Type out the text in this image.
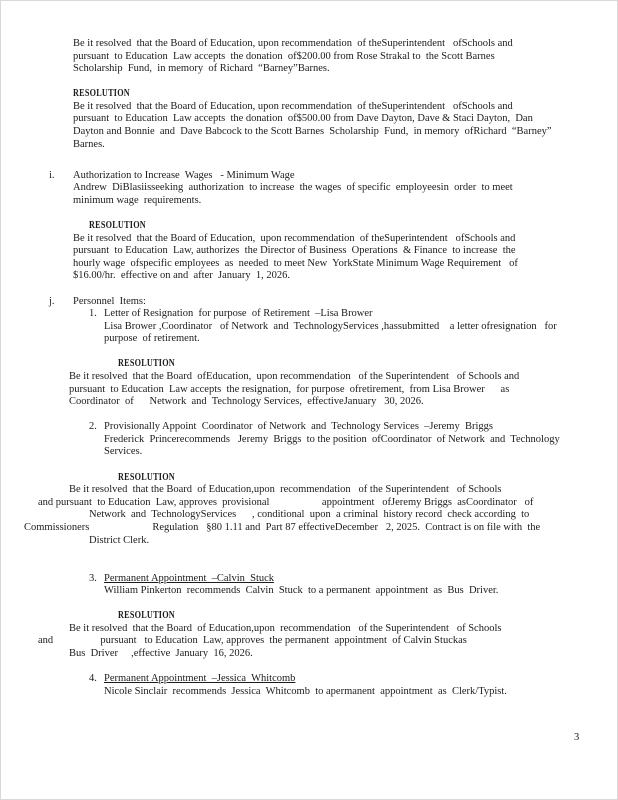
Be it resolved  that the Board of Education, upon recommendation  of theSuperintendent   ofSchools and
pursuant  to Education  Law accepts  the donation  of$200.00 from Rose Strakal to  the Scott Barnes
Scholarship  Fund,  in memory  of Richard  “Barney”Barnes.
RESOLUTION
Be it resolved  that the Board of Education, upon recommendation  of theSuperintendent   ofSchools and
pursuant  to Education  Law accepts  the donation  of$500.00 from Dave Dayton, Dave & Staci Dayton,  Dan
Dayton and Bonnie  and  Dave Babcock to the Scott Barnes  Scholarship  Fund,  in memory  ofRichard  “Barney”
Barnes.
i.	Authorization to Increase  Wages   - Minimum Wage
Andrew  DiBlasiisseeking  authorization  to increase  the wages  of specific  employeesin  order  to meet
minimum wage  requirements.
RESOLUTION
Be it resolved  that the Board of Education,  upon recommendation  of theSuperintendent   ofSchools and
pursuant  to Education  Law, authorizes  the Director of Business  Operations  & Finance  to increase  the
hourly wage  ofspecific employees  as  needed  to meet New  YorkState Minimum Wage Requirement   of
$16.00/hr.  effective on and  after  January  1, 2026.
j.	Personnel  Items:
1. Letter of Resignation  for purpose  of Retirement  –Lisa Brower
Lisa Brower ,Coordinator   of Network  and  TechnologyServices ,hassubmitted    a letter ofresignation   for
purpose  of retirement.
RESOLUTION
Be it resolved  that the Board  ofEducation,  upon recommendation   of the Superintendent   of Schools and
pursuant  to Education  Law accepts  the resignation,  for purpose  ofretirement,  from Lisa Brower      as
Coordinator  of      Network  and  Technology Services,  effectiveJanuary   30, 2026.
2. Provisionally Appoint  Coordinator  of Network  and  Technology Services  –Jeremy  Briggs
Frederick  Princerecommends   Jeremy  Briggs  to the position  ofCoordinator  of Network  and  Technology
Services.
RESOLUTION
Be it resolved  that the Board  of Education,upon  recommendation   of the Superintendent   of Schools
and pursuant  to Education  Law, approves  provisional                    appointment   ofJeremy Briggs  asCoordinator   of
Network  and  TechnologyServices      , conditional  upon  a criminal  history record  check according  to
Commissioners                        Regulation   §80 1.11 and  Part 87 effectiveDecember   2, 2025.  Contract is on file with  the
District Clerk.
3. Permanent Appointment  –Calvin  Stuck
William Pinkerton  recommends  Calvin  Stuck  to a permanent  appointment  as  Bus  Driver.
RESOLUTION
Be it resolved  that the Board  of Education,upon  recommendation   of the Superintendent   of Schools
and                  pursuant   to Education  Law, approves  the permanent  appointment  of Calvin Stuckas
Bus  Driver     ,effective  January  16, 2026.
4. Permanent Appointment  –Jessica  Whitcomb
Nicole Sinclair  recommends  Jessica  Whitcomb  to apermanent  appointment  as  Clerk/Typist.
3
